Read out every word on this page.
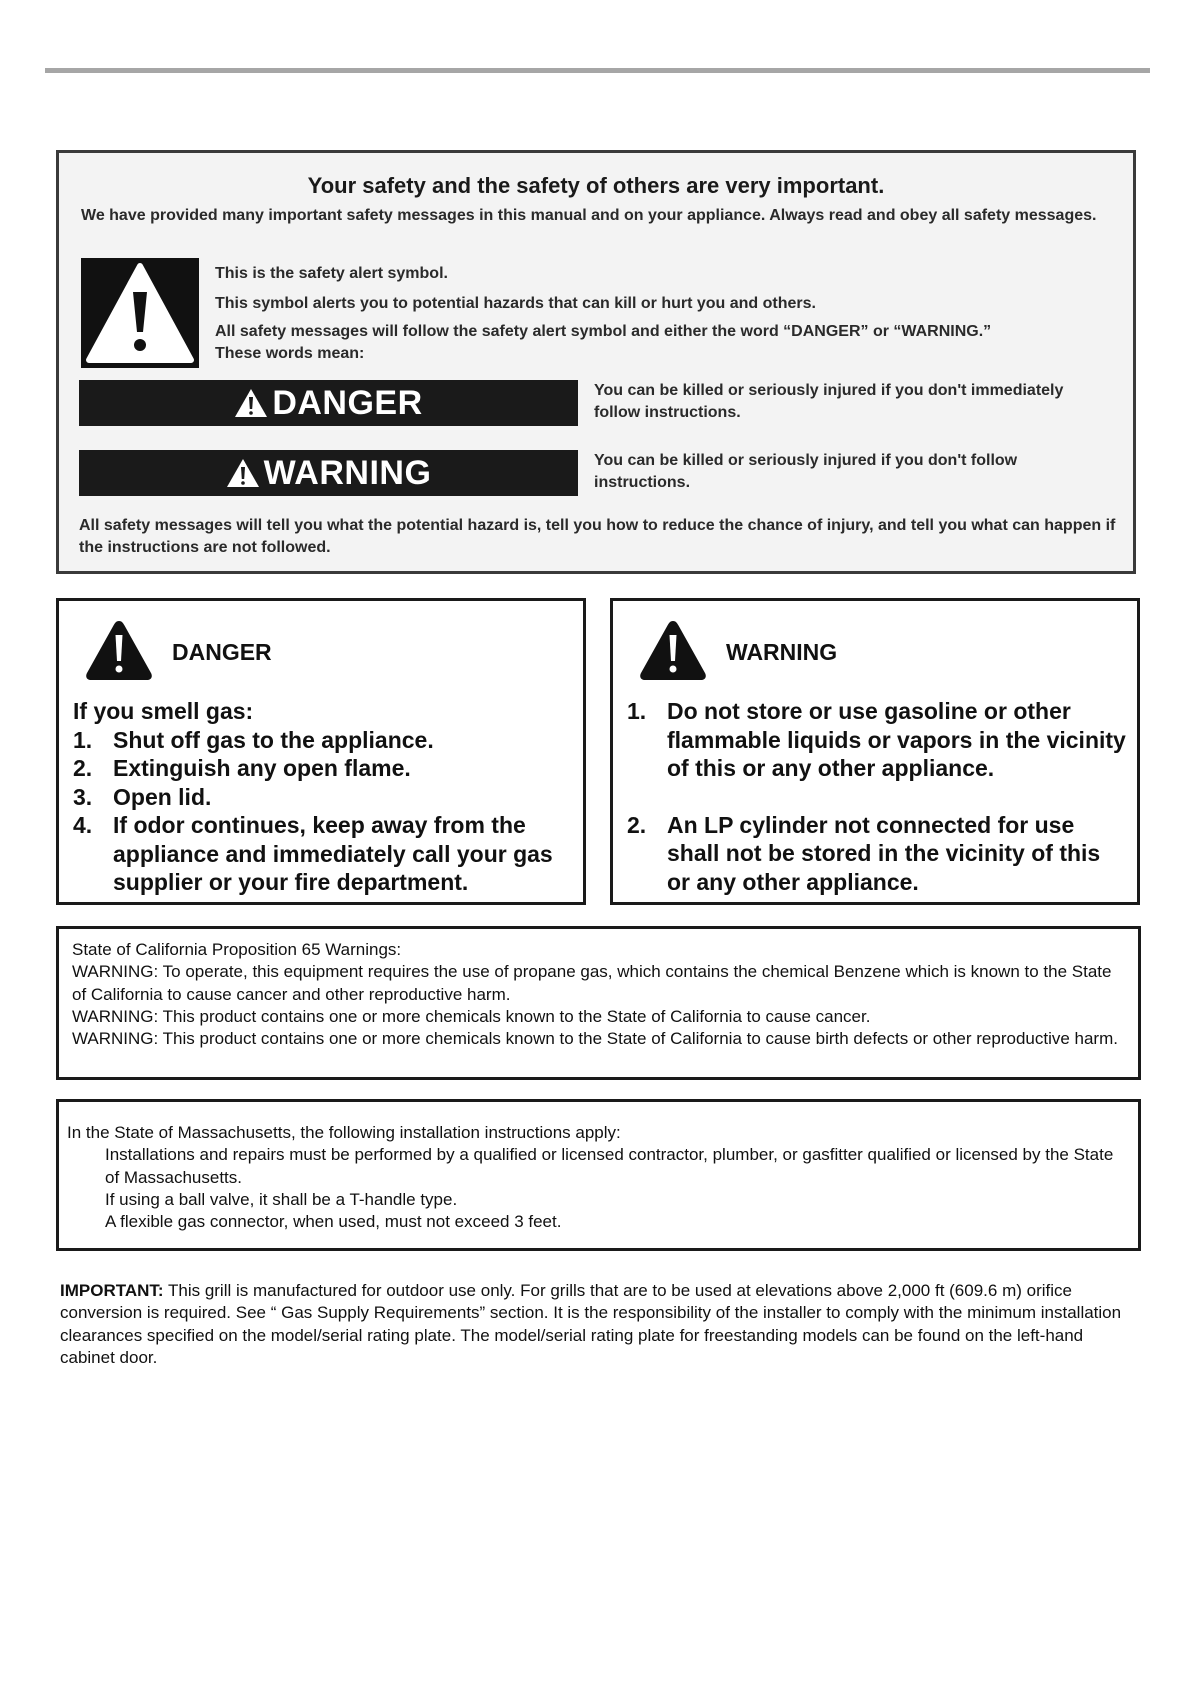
Your safety and the safety of others are very important.
We have provided many important safety messages in this manual and on your appliance. Always read and obey all safety messages.
This is the safety alert symbol.
This symbol alerts you to potential hazards that can kill or hurt you and others.
All safety messages will follow the safety alert symbol and either the word “DANGER” or “WARNING.”
These words mean:
DANGER	You can be killed or seriously injured if you don't immediately follow instructions.
WARNING	You can be killed or seriously injured if you don't follow instructions.
All safety messages will tell you what the potential hazard is, tell you how to reduce the chance of injury, and tell you what can happen if the instructions are not followed.
DANGER

If you smell gas:

1. Shut off gas to the appliance.
2. Extinguish any open flame.
3. Open lid.
4. If odor continues, keep away from the appliance and immediately call your gas supplier or your fire department.
WARNING
1. Do not store or use gasoline or other flammable liquids or vapors in the vicinity of this or any other appliance.
2. An LP cylinder not connected for use shall not be stored in the vicinity of this or any other appliance.

State of California Proposition 65 Warnings:

WARNING: To operate, this equipment requires the use of propane gas, which contains the chemical Benzene which is known to the State of California to cause cancer and other reproductive harm.

WARNING: This product contains one or more chemicals known to the State of California to cause cancer.

WARNING: This product contains one or more chemicals known to the State of California to cause birth defects or other reproductive harm.

In the State of Massachusetts, the following installation instructions apply:

Installations and repairs must be performed by a qualified or licensed contractor, plumber, or gasfitter qualified or licensed by the State of Massachusetts.

If using a ball valve, it shall be a T-handle type.

A flexible gas connector, when used, must not exceed 3 feet.

IMPORTANT: This grill is manufactured for outdoor use only. For grills that are to be used at elevations above 2,000 ft (609.6 m) orifice conversion is required. See “ Gas Supply Requirements” section. It is the responsibility of the installer to comply with the minimum installation clearances specified on the model/serial rating plate. The model/serial rating plate for freestanding models can be found on the left-hand cabinet door.
